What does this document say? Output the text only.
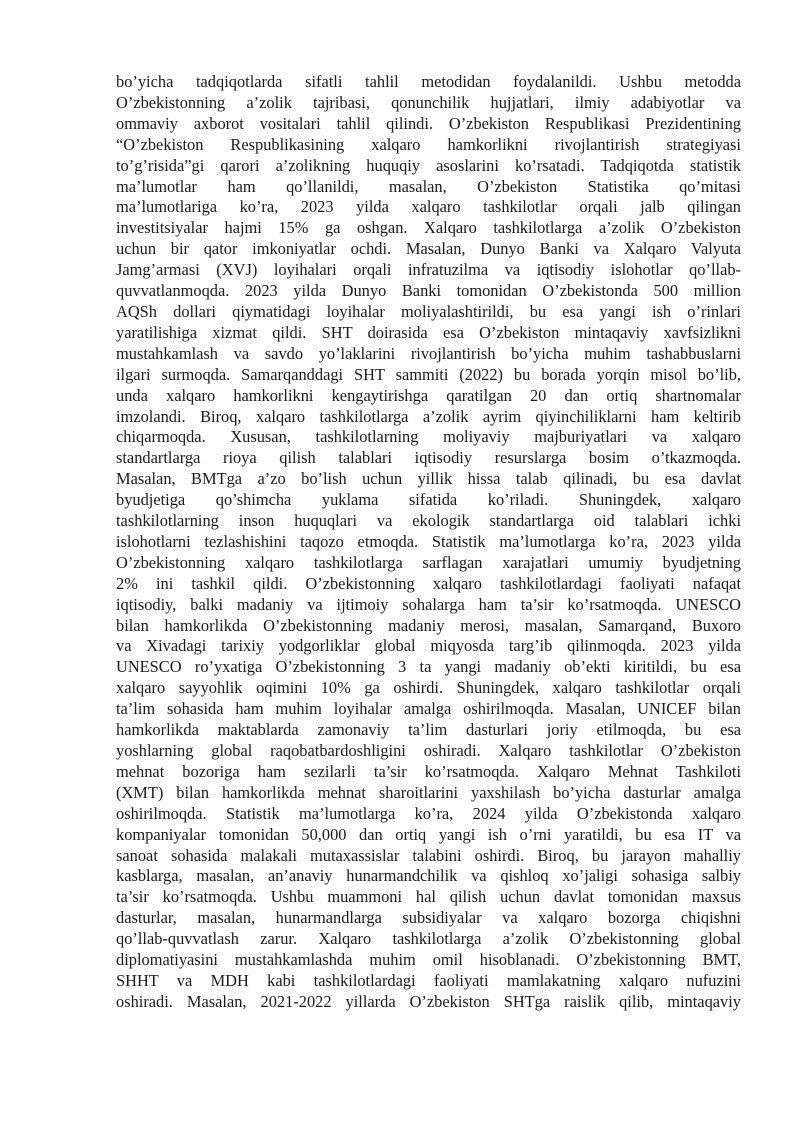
bo’yicha tadqiqotlarda sifatli tahlil metodidan foydalanildi. Ushbu metodda
O’zbekistonning a’zolik tajribasi, qonunchilik hujjatlari, ilmiy adabiyotlar va
ommaviy axborot vositalari tahlil qilindi. O’zbekiston Respublikasi Prezidentining
“O’zbekiston Respublikasining xalqaro hamkorlikni rivojlantirish strategiyasi
to’g’risida”gi qarori a’zolikning huquqiy asoslarini ko’rsatadi. Tadqiqotda statistik
ma’lumotlar ham qo’llanildi, masalan, O’zbekiston Statistika qo’mitasi
ma’lumotlariga ko’ra, 2023 yilda xalqaro tashkilotlar orqali jalb qilingan
investitsiyalar hajmi 15% ga oshgan. Xalqaro tashkilotlarga a’zolik O’zbekiston
uchun bir qator imkoniyatlar ochdi. Masalan, Dunyo Banki va Xalqaro Valyuta
Jamg’armasi (XVJ) loyihalari orqali infratuzilma va iqtisodiy islohotlar qo’llab-
quvvatlanmoqda. 2023 yilda Dunyo Banki tomonidan O’zbekistonda 500 million
AQSh dollari qiymatidagi loyihalar moliyalashtirildi, bu esa yangi ish o’rinlari
yaratilishiga xizmat qildi. SHT doirasida esa O’zbekiston mintaqaviy xavfsizlikni
mustahkamlash va savdo yo’laklarini rivojlantirish bo’yicha muhim tashabbuslarni
ilgari surmoqda. Samarqanddagi SHT sammiti (2022) bu borada yorqin misol bo’lib,
unda xalqaro hamkorlikni kengaytirishga qaratilgan 20 dan ortiq shartnomalar
imzolandi. Biroq, xalqaro tashkilotlarga a’zolik ayrim qiyinchiliklarni ham keltirib
chiqarmoqda. Xususan, tashkilotlarning moliyaviy majburiyatlari va xalqaro
standartlarga rioya qilish talablari iqtisodiy resurslarga bosim o’tkazmoqda.
Masalan, BMTga a’zo bo’lish uchun yillik hissa talab qilinadi, bu esa davlat
byudjetiga qo’shimcha yuklama sifatida ko’riladi. Shuningdek, xalqaro
tashkilotlarning inson huquqlari va ekologik standartlarga oid talablari ichki
islohotlarni tezlashishini taqozo etmoqda. Statistik ma’lumotlarga ko’ra, 2023 yilda
O’zbekistonning xalqaro tashkilotlarga sarflagan xarajatlari umumiy byudjetning
2% ini tashkil qildi. O’zbekistonning xalqaro tashkilotlardagi faoliyati nafaqat
iqtisodiy, balki madaniy va ijtimoiy sohalarga ham ta’sir ko’rsatmoqda. UNESCO
bilan hamkorlikda O’zbekistonning madaniy merosi, masalan, Samarqand, Buxoro
va Xivadagi tarixiy yodgorliklar global miqyosda targ’ib qilinmoqda. 2023 yilda
UNESCO ro’yxatiga O’zbekistonning 3 ta yangi madaniy ob’ekti kiritildi, bu esa
xalqaro sayyohlik oqimini 10% ga oshirdi. Shuningdek, xalqaro tashkilotlar orqali
ta’lim sohasida ham muhim loyihalar amalga oshirilmoqda. Masalan, UNICEF bilan
hamkorlikda maktablarda zamonaviy ta’lim dasturlari joriy etilmoqda, bu esa
yoshlarning global raqobatbardoshligini oshiradi. Xalqaro tashkilotlar O’zbekiston
mehnat bozoriga ham sezilarli ta’sir ko’rsatmoqda. Xalqaro Mehnat Tashkiloti
(XMT) bilan hamkorlikda mehnat sharoitlarini yaxshilash bo’yicha dasturlar amalga
oshirilmoqda. Statistik ma’lumotlarga ko’ra, 2024 yilda O’zbekistonda xalqaro
kompaniyalar tomonidan 50,000 dan ortiq yangi ish o’rni yaratildi, bu esa IT va
sanoat sohasida malakali mutaxassislar talabini oshirdi. Biroq, bu jarayon mahalliy
kasblarga, masalan, an’anaviy hunarmandchilik va qishloq xo’jaligi sohasiga salbiy
ta’sir ko’rsatmoqda. Ushbu muammoni hal qilish uchun davlat tomonidan maxsus
dasturlar, masalan, hunarmandlarga subsidiyalar va xalqaro bozorga chiqishni
qo’llab-quvvatlash zarur. Xalqaro tashkilotlarga a’zolik O’zbekistonning global
diplomatiyasini mustahkamlashda muhim omil hisoblanadi. O’zbekistonning BMT,
SHHT va MDH kabi tashkilotlardagi faoliyati mamlakatning xalqaro nufuzini
oshiradi. Masalan, 2021-2022 yillarda O’zbekiston SHTga raislik qilib, mintaqaviy
